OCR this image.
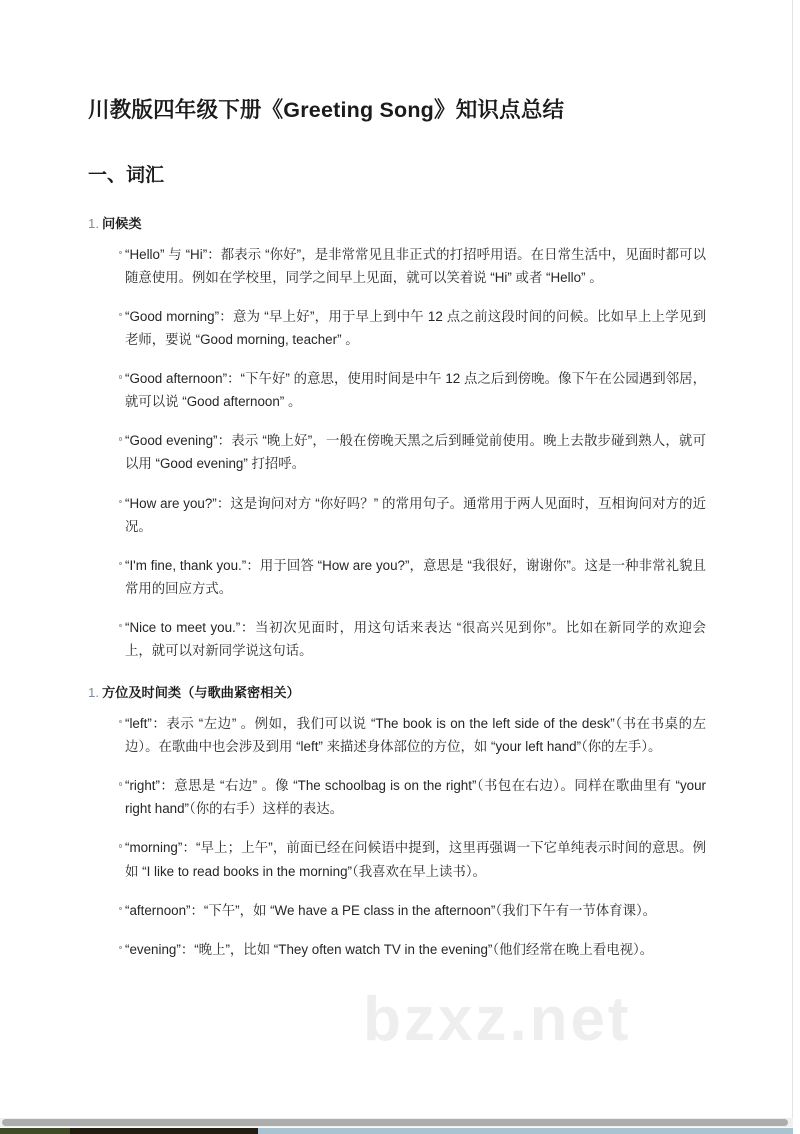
川教版四年级下册《Greeting Song》知识点总结
一、词汇
1. 问候类
“Hello” 与 “Hi”：都表示 “你好”，是非常常见且非正式的打招呼用语。在日常生活中，见面时都可以随意使用。例如在学校里，同学之间早上见面，就可以笑着说 “Hi” 或者 “Hello” 。
“Good morning”：意为 “早上好”，用于早上到中午 12 点之前这段时间的问候。比如早上上学见到老师，要说 “Good morning, teacher” 。
“Good afternoon”：“下午好” 的意思，使用时间是中午 12 点之后到傍晚。像下午在公园遇到邻居，就可以说 “Good afternoon” 。
“Good evening”：表示 “晚上好”，一般在傍晚天黑之后到睡觉前使用。晚上去散步碰到熟人，就可以用 “Good evening” 打招呼。
“How are you?”：这是询问对方 “你好吗？” 的常用句子。通常用于两人见面时，互相询问对方的近况。
“I'm fine, thank you.”：用于回答 “How are you?”，意思是 “我很好，谢谢你”。这是一种非常礼貌且常用的回应方式。
“Nice to meet you.”：当初次见面时，用这句话来表达 “很高兴见到你”。比如在新同学的欢迎会上，就可以对新同学说这句话。
1. 方位及时间类（与歌曲紧密相关）
“left”：表示 “左边” 。例如，我们可以说 “The book is on the left side of the desk”（书在书桌的左边）。在歌曲中也会涉及到用 “left” 来描述身体部位的方位，如 “your left hand”（你的左手）。
“right”：意思是 “右边” 。像 “The schoolbag is on the right”（书包在右边）。同样在歌曲里有 “your right hand”（你的右手）这样的表达。
“morning”：“早上；上午”，前面已经在问候语中提到，这里再强调一下它单纯表示时间的意思。例如 “I like to read books in the morning”（我喜欢在早上读书）。
“afternoon”：“下午”，如 “We have a PE class in the afternoon”（我们下午有一节体育课）。
“evening”：“晚上”，比如 “They often watch TV in the evening”（他们经常在晚上看电视）。
bzxz.net
